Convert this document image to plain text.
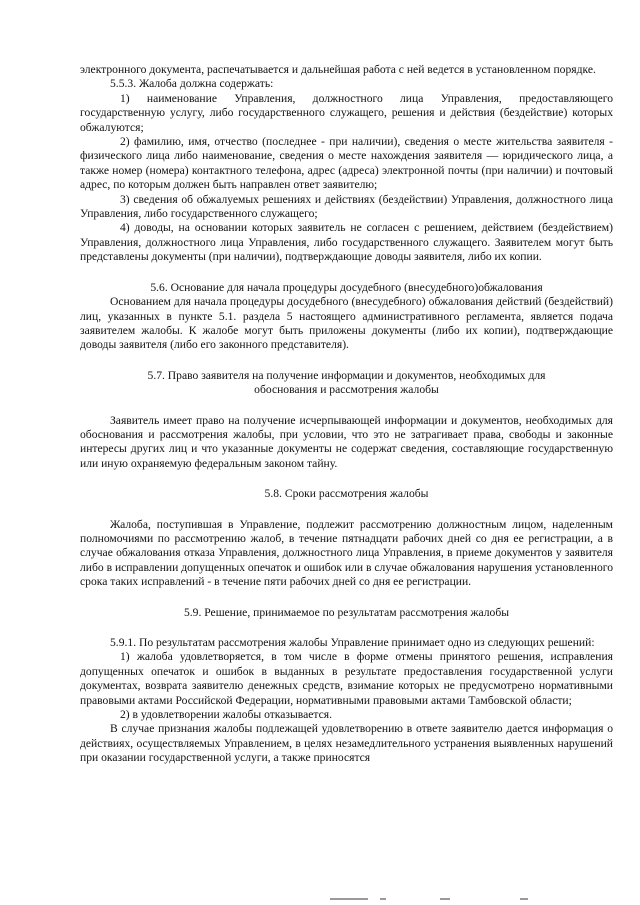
электронного документа, распечатывается и дальнейшая работа с ней ведется в установленном порядке.

5.5.3. Жалоба должна содержать:

1) наименование Управления, должностного лица Управления, предоставляющего государственную услугу, либо государственного служащего, решения и действия (бездействие) которых обжалуются;

2) фамилию, имя, отчество (последнее - при наличии), сведения о месте жительства заявителя - физического лица либо наименование, сведения о месте нахождения заявителя — юридического лица, а также номер (номера) контактного телефона, адрес (адреса) электронной почты (при наличии) и почтовый адрес, по которым должен быть направлен ответ заявителю;

3) сведения об обжалуемых решениях и действиях (бездействии) Управления, должностного лица Управления, либо государственного служащего;

4) доводы, на основании которых заявитель не согласен с решением, действием (бездействием) Управления, должностного лица Управления, либо государственного служащего. Заявителем могут быть представлены документы (при наличии), подтверждающие доводы заявителя, либо их копии.

5.6. Основание для начала процедуры досудебного (внесудебного)обжалования

Основанием для начала процедуры досудебного (внесудебного) обжалования действий (бездействий) лиц, указанных в пункте 5.1. раздела 5 настоящего административного регламента, является подача заявителем жалобы. К жалобе могут быть приложены документы (либо их копии), подтверждающие доводы заявителя (либо его законного представителя).

5.7. Право заявителя на получение информации и документов, необходимых для

обоснования и рассмотрения жалобы

Заявитель имеет право на получение исчерпывающей информации и документов, необходимых для обоснования и рассмотрения жалобы, при условии, что это не затрагивает права, свободы и законные интересы других лиц и что указанные документы не содержат сведения, составляющие государственную или иную охраняемую федеральным законом тайну.

5.8. Сроки рассмотрения жалобы

Жалоба, поступившая в Управление, подлежит рассмотрению должностным лицом, наделенным полномочиями по рассмотрению жалоб, в течение пятнадцати рабочих дней со дня ее регистрации, а в случае обжалования отказа Управления, должностного лица Управления, в приеме документов у заявителя либо в исправлении допущенных опечаток и ошибок или в случае обжалования нарушения установленного срока таких исправлений - в течение пяти рабочих дней со дня ее регистрации.

5.9. Решение, принимаемое по результатам рассмотрения жалобы

5.9.1. По результатам рассмотрения жалобы Управление принимает одно из следующих решений:

1) жалоба удовлетворяется, в том числе в форме отмены принятого решения, исправления допущенных опечаток и ошибок в выданных в результате предоставления государственной услуги документах, возврата заявителю денежных средств, взимание которых не предусмотрено нормативными правовыми актами Российской Федерации, нормативными правовыми актами Тамбовской области;

2) в удовлетворении жалобы отказывается.

В случае признания жалобы подлежащей удовлетворению в ответе заявителю дается информация о действиях, осуществляемых Управлением, в целях незамедлительного устранения выявленных нарушений при оказании государственной услуги, а также приносятся
